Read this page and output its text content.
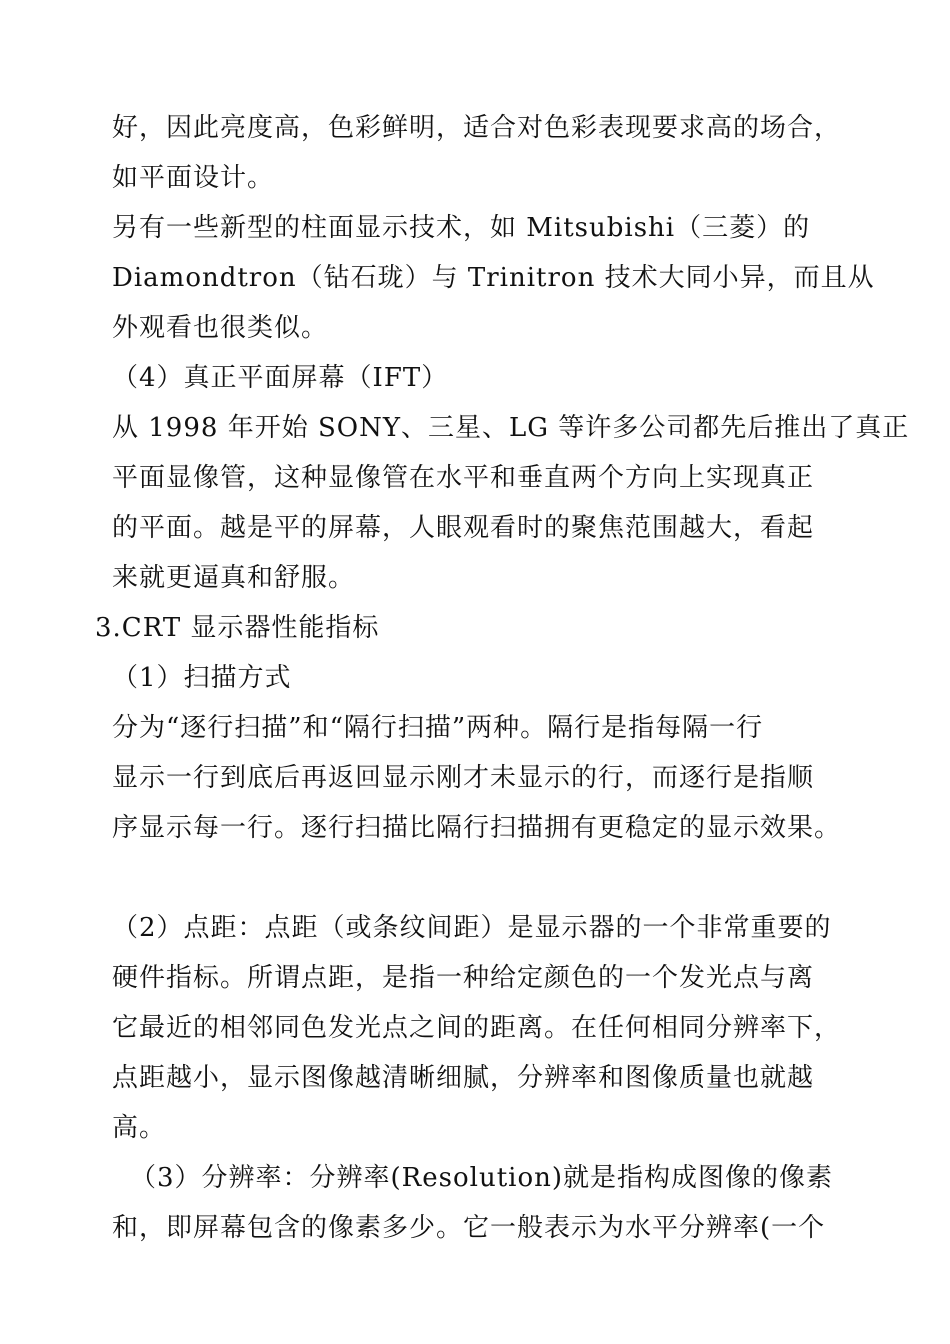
好，因此亮度高，色彩鲜明，适合对色彩表现要求高的场合，
如平面设计。
另有一些新型的柱面显示技术，如 Mitsubishi（三菱）的
Diamondtron（钻石珑）与 Trinitron 技术大同小异，而且从
外观看也很类似。
（4）真正平面屏幕（IFT）
从 1998 年开始 SONY、三星、LG 等许多公司都先后推出了真正
平面显像管，这种显像管在水平和垂直两个方向上实现真正
的平面。越是平的屏幕，人眼观看时的聚焦范围越大，看起
来就更逼真和舒服。
3.CRT 显示器性能指标
（1）扫描方式
分为“逐行扫描”和“隔行扫描”两种。隔行是指每隔一行
显示一行到底后再返回显示刚才未显示的行，而逐行是指顺
序显示每一行。逐行扫描比隔行扫描拥有更稳定的显示效果。
（2）点距：点距（或条纹间距）是显示器的一个非常重要的
硬件指标。所谓点距，是指一种给定颜色的一个发光点与离
它最近的相邻同色发光点之间的距离。在任何相同分辨率下，
点距越小，显示图像越清晰细腻，分辨率和图像质量也就越
高。
（3）分辨率：分辨率(Resolution)就是指构成图像的像素
和，即屏幕包含的像素多少。它一般表示为水平分辨率(一个
